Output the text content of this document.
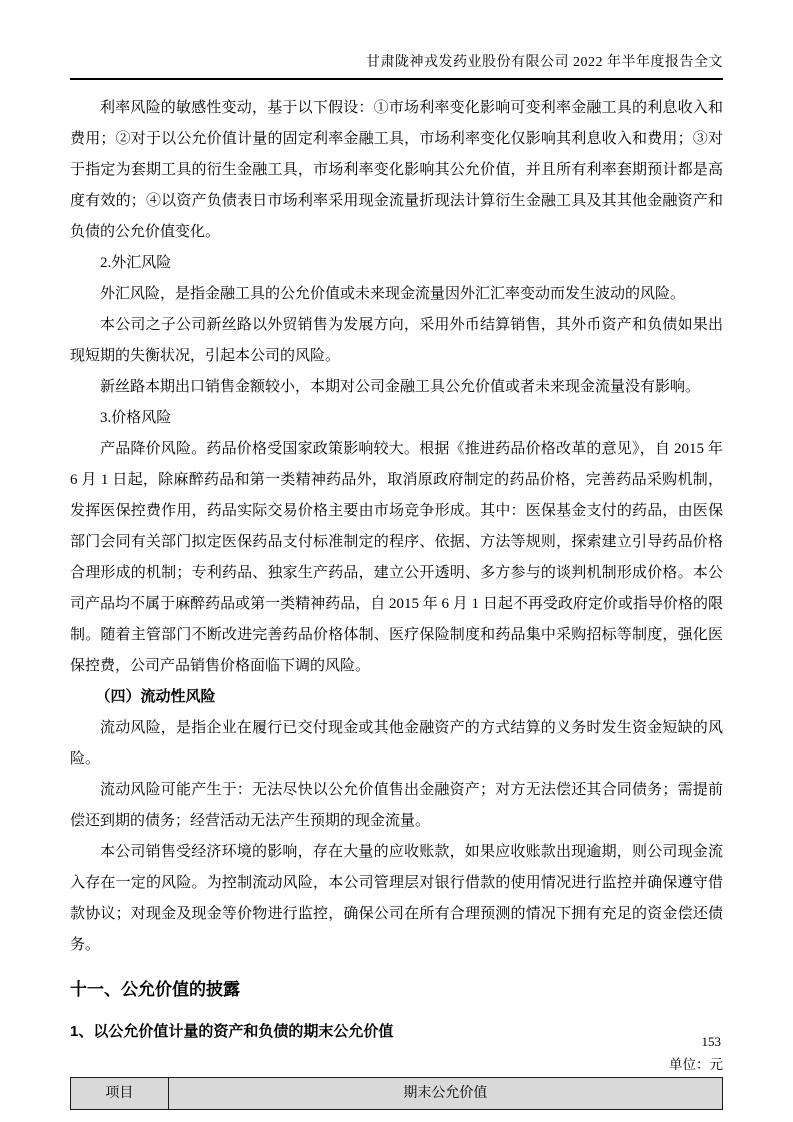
甘肃陇神戎发药业股份有限公司 2022 年半年度报告全文

利率风险的敏感性变动，基于以下假设：①市场利率变化影响可变利率金融工具的利息收入和费用；②对于以公允价值计量的固定利率金融工具，市场利率变化仅影响其利息收入和费用；③对于指定为套期工具的衍生金融工具，市场利率变化影响其公允价值，并且所有利率套期预计都是高度有效的；④以资产负债表日市场利率采用现金流量折现法计算衍生金融工具及其其他金融资产和负债的公允价值变化。

2.外汇风险

外汇风险，是指金融工具的公允价值或未来现金流量因外汇汇率变动而发生波动的风险。

本公司之子公司新丝路以外贸销售为发展方向，采用外币结算销售，其外币资产和负债如果出现短期的失衡状况，引起本公司的风险。

新丝路本期出口销售金额较小，本期对公司金融工具公允价值或者未来现金流量没有影响。

3.价格风险

产品降价风险。药品价格受国家政策影响较大。根据《推进药品价格改革的意见》，自 2015 年 6 月 1 日起，除麻醉药品和第一类精神药品外，取消原政府制定的药品价格，完善药品采购机制，发挥医保控费作用，药品实际交易价格主要由市场竞争形成。其中：医保基金支付的药品，由医保部门会同有关部门拟定医保药品支付标准制定的程序、依据、方法等规则，探索建立引导药品价格合理形成的机制；专利药品、独家生产药品，建立公开透明、多方参与的谈判机制形成价格。本公司产品均不属于麻醉药品或第一类精神药品，自 2015 年 6 月 1 日起不再受政府定价或指导价格的限制。随着主管部门不断改进完善药品价格体制、医疗保险制度和药品集中采购招标等制度，强化医保控费，公司产品销售价格面临下调的风险。

（四）流动性风险

流动风险，是指企业在履行已交付现金或其他金融资产的方式结算的义务时发生资金短缺的风险。

流动风险可能产生于：无法尽快以公允价值售出金融资产；对方无法偿还其合同债务；需提前偿还到期的债务；经营活动无法产生预期的现金流量。

本公司销售受经济环境的影响，存在大量的应收账款，如果应收账款出现逾期，则公司现金流入存在一定的风险。为控制流动风险，本公司管理层对银行借款的使用情况进行监控并确保遵守借款协议；对现金及现金等价物进行监控，确保公司在所有合理预测的情况下拥有充足的资金偿还债务。

十一、公允价值的披露
1、以公允价值计量的资产和负债的期末公允价值
单位：元
项目	期末公允价值
153
